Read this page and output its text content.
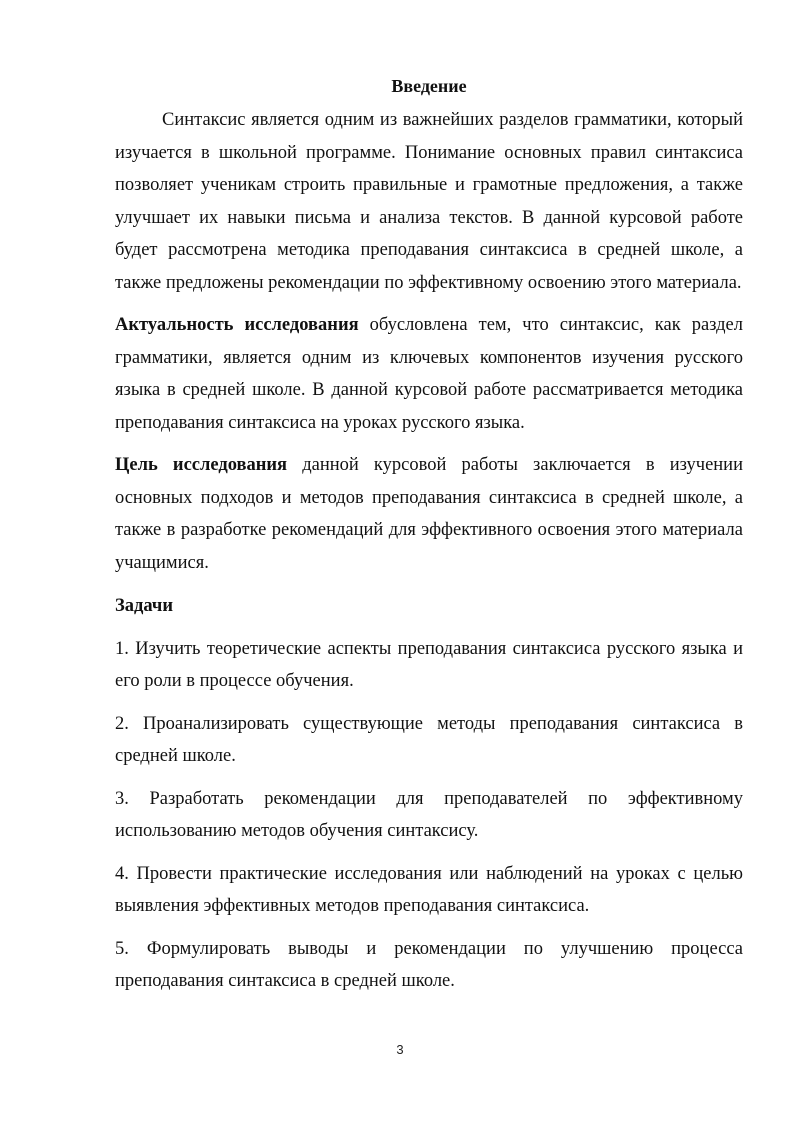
Введение

Синтаксис является одним из важнейших разделов грамматики, который изучается в школьной программе. Понимание основных правил синтаксиса позволяет ученикам строить правильные и грамотные предложения, а также улучшает их навыки письма и анализа текстов. В данной курсовой работе будет рассмотрена методика преподавания синтаксиса в средней школе, а также предложены рекомендации по эффективному освоению этого материала.

Актуальность исследования обусловлена тем, что синтаксис, как раздел грамматики, является одним из ключевых компонентов изучения русского языка в средней школе. В данной курсовой работе рассматривается методика преподавания синтаксиса на уроках русского языка.

Цель исследования данной курсовой работы заключается в изучении основных подходов и методов преподавания синтаксиса в средней школе, а также в разработке рекомендаций для эффективного освоения этого материала учащимися.

Задачи

1. Изучить теоретические аспекты преподавания синтаксиса русского языка и его роли в процессе обучения.

2. Проанализировать существующие методы преподавания синтаксиса в средней школе.

3. Разработать рекомендации для преподавателей по эффективному использованию методов обучения синтаксису.

4. Провести практические исследования или наблюдений на уроках с целью выявления эффективных методов преподавания синтаксиса.

5. Формулировать выводы и рекомендации по улучшению процесса преподавания синтаксиса в средней школе.

3
